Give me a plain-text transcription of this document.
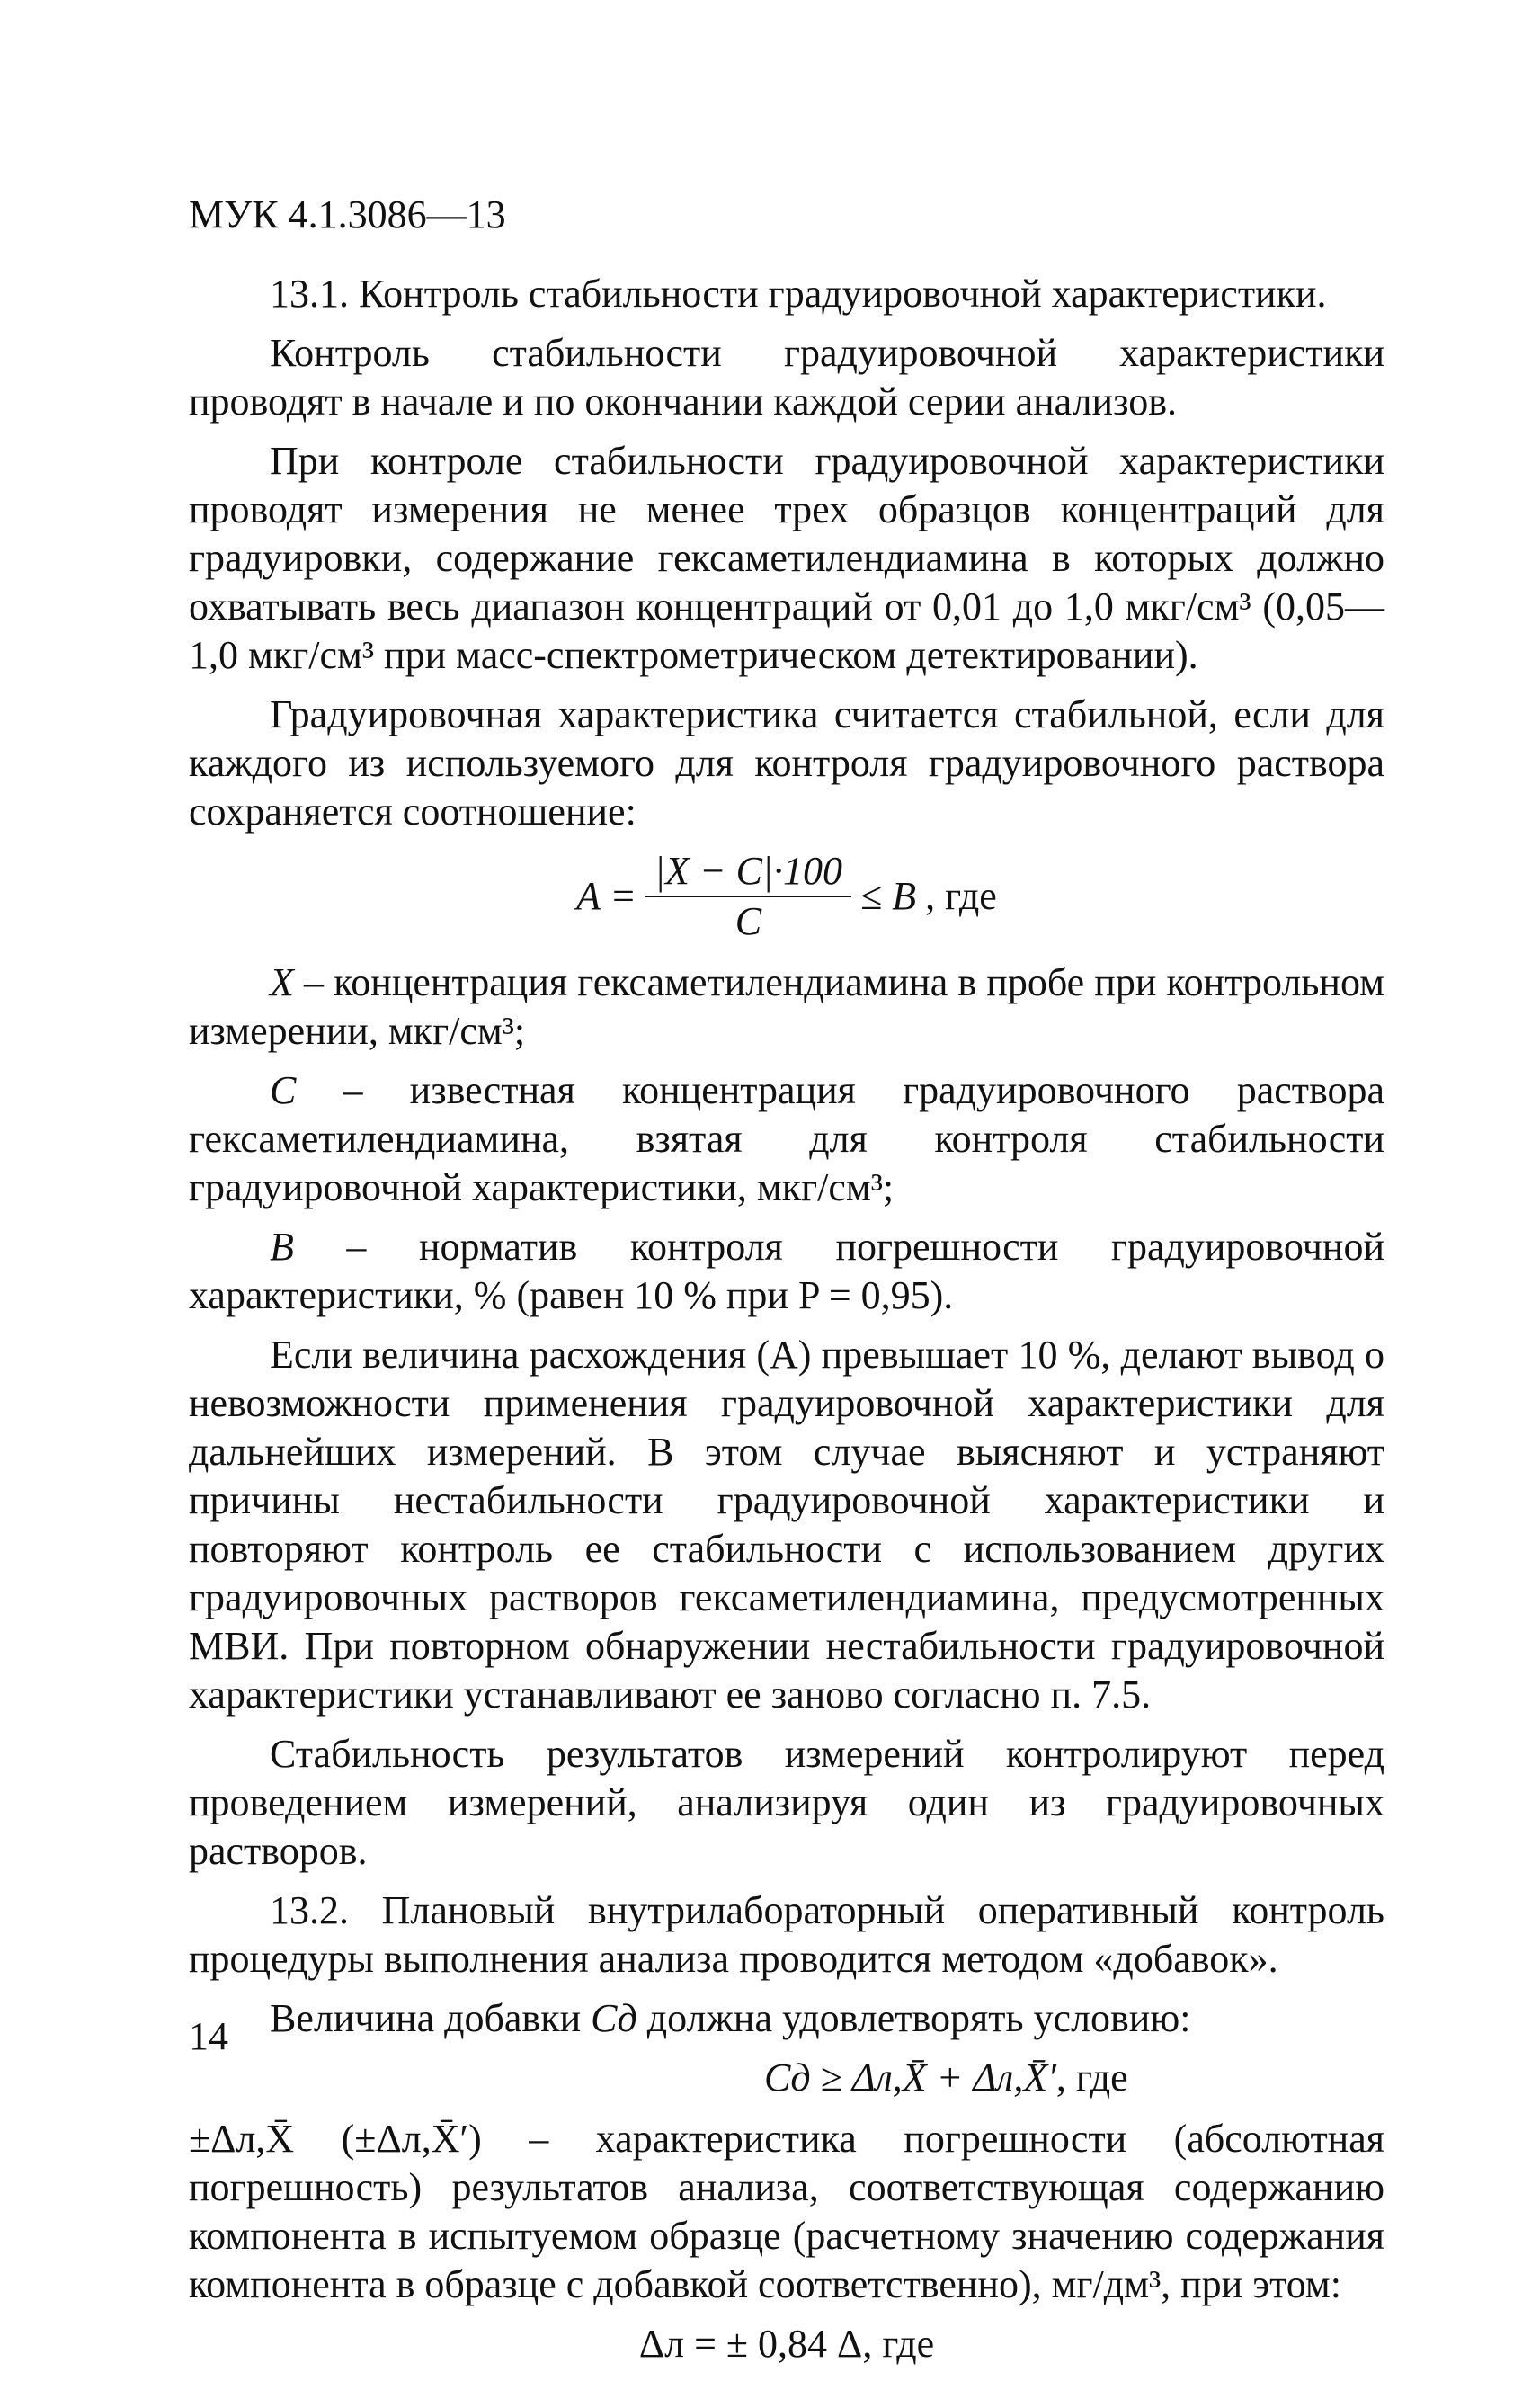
МУК 4.1.3086—13

13.1. Контроль стабильности градуировочной характеристики.

Контроль стабильности градуировочной характеристики проводят в начале и по окончании каждой серии анализов.

При контроле стабильности градуировочной характеристики проводят измерения не менее трех образцов концентраций для градуировки, содержание гексаметилендиамина в которых должно охватывать весь диапазон концентраций от 0,01 до 1,0 мкг/см³ (0,05—1,0 мкг/см³ при масс-спектрометрическом детектировании).

Градуировочная характеристика считается стабильной, если для каждого из используемого для контроля градуировочного раствора сохраняется соотношение:

$A = \frac{|X - C|\cdot 100}{C} \le B$ , где

X – концентрация гексаметилендиамина в пробе при контрольном измерении, мкг/см³;

C – известная концентрация градуировочного раствора гексаметилендиамина, взятая для контроля стабильности градуировочной характеристики, мкг/см³;

B – норматив контроля погрешности градуировочной характеристики, % (равен 10 % при P = 0,95).

Если величина расхождения (A) превышает 10 %, делают вывод о невозможности применения градуировочной характеристики для дальнейших измерений. В этом случае выясняют и устраняют причины нестабильности градуировочной характеристики и повторяют контроль ее стабильности с использованием других градуировочных растворов гексаметилендиамина, предусмотренных МВИ. При повторном обнаружении нестабильности градуировочной характеристики устанавливают ее заново согласно п. 7.5.

Стабильность результатов измерений контролируют перед проведением измерений, анализируя один из градуировочных растворов.

13.2. Плановый внутрилабораторный оперативный контроль процедуры выполнения анализа проводится методом «добавок».

Величина добавки Cд должна удовлетворять условию:

Cд ≥ Δл,X̄ + Δл,X̄′, где

±Δл,X̄ (±Δл,X̄′) – характеристика погрешности (абсолютная погрешность) результатов анализа, соответствующая содержанию компонента в испытуемом образце (расчетному значению содержания компонента в образце с добавкой соответственно), мг/дм³, при этом:

Δл = ± 0,84 Δ, где
14
